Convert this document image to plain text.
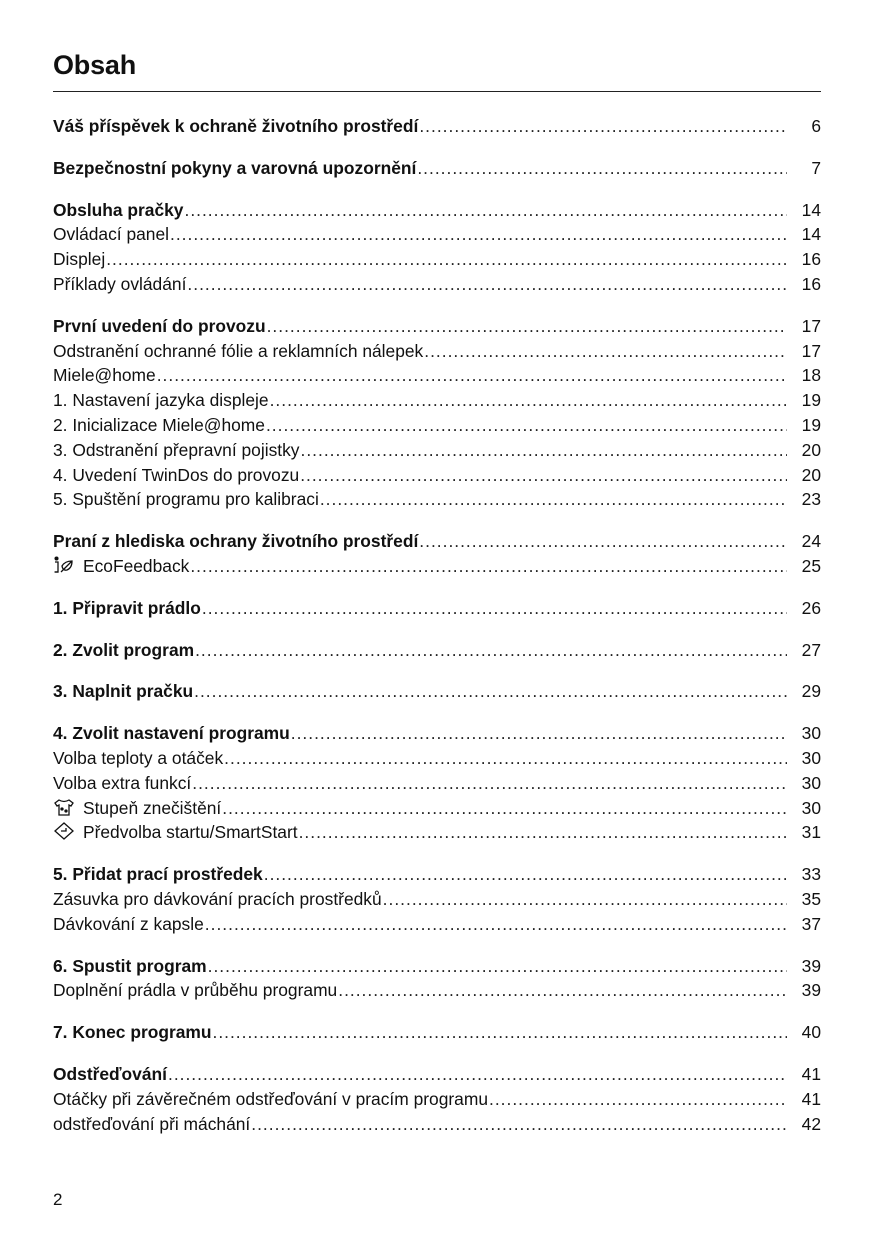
Obsah
Váš příspěvek k ochraně životního prostředí .....	6
Bezpečnostní pokyny a varovná upozornění .....	7
Obsluha pračky .....	14
Ovládací panel .....	14
Displej .....	16
Příklady ovládání .....	16
První uvedení do provozu .....	17
Odstranění ochranné fólie a reklamních nálepek .....	17
Miele@home .....	18
1. Nastavení jazyka displeje .....	19
2. Inicializace Miele@home .....	19
3. Odstranění přepravní pojistky .....	20
4. Uvedení TwinDos do provozu .....	20
5. Spuštění programu pro kalibraci .....	23
Praní z hlediska ochrany životního prostředí .....	24
EcoFeedback .....	25
1. Připravit prádlo .....	26
2. Zvolit program .....	27
3. Naplnit pračku .....	29
4. Zvolit nastavení programu .....	30
Volba teploty a otáček .....	30
Volba extra funkcí .....	30
Stupeň znečištění .....	30
Předvolba startu/SmartStart .....	31
5. Přidat prací prostředek .....	33
Zásuvka pro dávkování pracích prostředků .....	35
Dávkování z kapsle .....	37
6. Spustit program .....	39
Doplnění prádla v průběhu programu .....	39
7. Konec programu .....	40
Odstřeďování .....	41
Otáčky při závěrečném odstřeďování v pracím programu .....	41
odstřeďování při máchání .....	42
2
